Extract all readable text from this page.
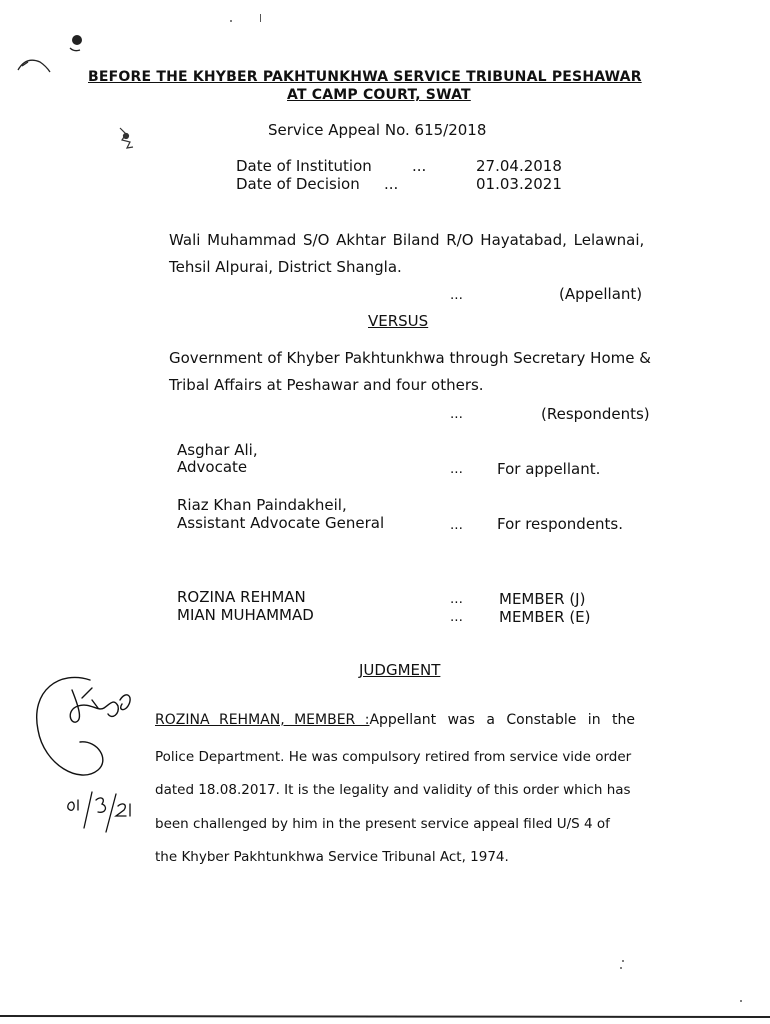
BEFORE THE KHYBER PAKHTUNKHWA SERVICE TRIBUNAL PESHAWAR
AT CAMP COURT, SWAT
Service Appeal No. 615/2018
Date of Institution	...	27.04.2018
Date of Decision ...	01.03.2021
Wali Muhammad S/O Akhtar Biland R/O Hayatabad, Lelawnai,
Tehsil Alpurai, District Shangla.
...	(Appellant)
VERSUS
Government of Khyber Pakhtunkhwa through Secretary Home &
Tribal Affairs at Peshawar and four others.
...	(Respondents)
Asghar Ali,
Advocate	... For appellant.
Riaz Khan Paindakheil,
Assistant Advocate General	... For respondents.
ROZINA REHMAN	... MEMBER (J)
MIAN MUHAMMAD	... MEMBER (E)
JUDGMENT
ROZINA REHMAN, MEMBER :Appellant was a Constable in the
Police Department. He was compulsory retired from service vide order
dated 18.08.2017. It is the legality and validity of this order which has
been challenged by him in the present service appeal filed U/S 4 of
the Khyber Pakhtunkhwa Service Tribunal Act, 1974.
